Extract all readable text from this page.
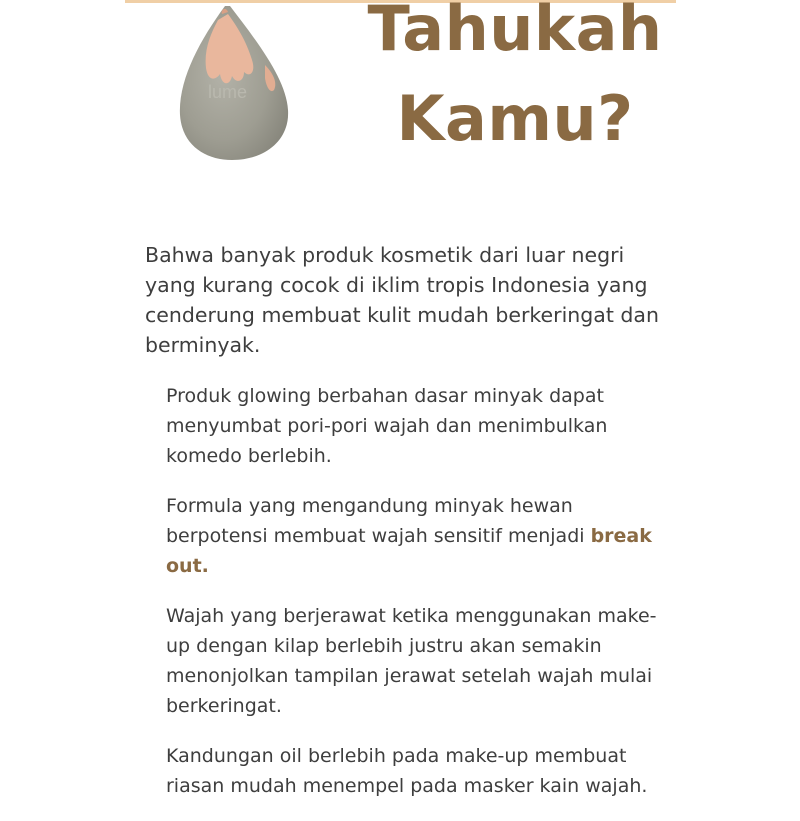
lume
Tahukah
Kamu?
Bahwa banyak produk kosmetik dari luar negri yang kurang cocok di iklim tropis Indonesia yang cenderung membuat kulit mudah berkeringat dan berminyak.

Produk glowing berbahan dasar minyak dapat menyumbat pori-pori wajah dan menimbulkan komedo berlebih.

Formula yang mengandung minyak hewan berpotensi membuat wajah sensitif menjadi break out.

Wajah yang berjerawat ketika menggunakan make-up dengan kilap berlebih justru akan semakin menonjolkan tampilan jerawat setelah wajah mulai berkeringat.

Kandungan oil berlebih pada make-up membuat riasan mudah menempel pada masker kain wajah.
